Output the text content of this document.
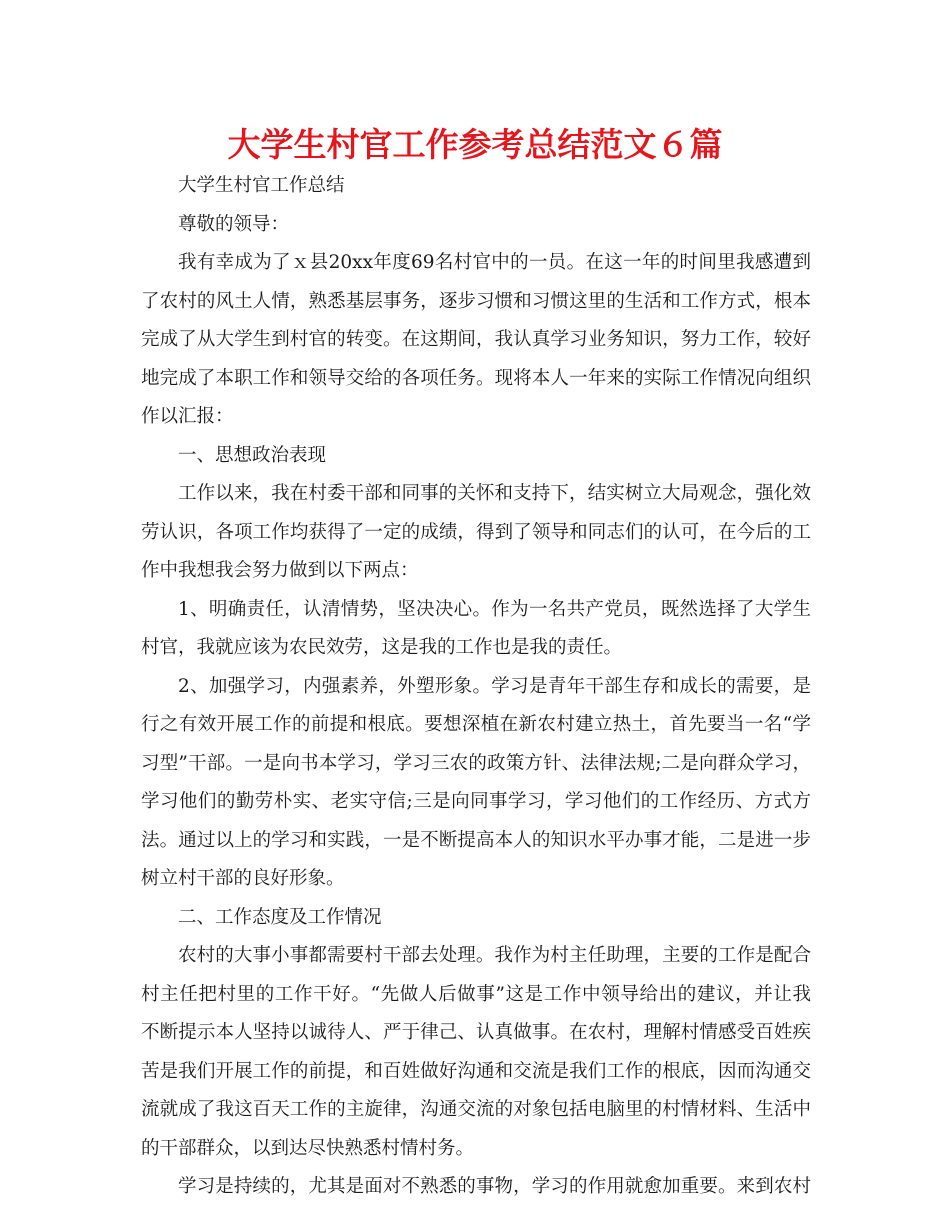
大学生村官工作参考总结范文６篇
大学生村官工作总结
尊敬的领导：
我有幸成为了ｘ县20xx年度69名村官中的一员。在这一年的时间里我感遭到
了农村的风土人情，熟悉基层事务，逐步习惯和习惯这里的生活和工作方式，根本
完成了从大学生到村官的转变。在这期间，我认真学习业务知识，努力工作，较好
地完成了本职工作和领导交给的各项任务。现将本人一年来的实际工作情况向组织
作以汇报：
一、思想政治表现
工作以来，我在村委干部和同事的关怀和支持下，结实树立大局观念，强化效
劳认识，各项工作均获得了一定的成绩，得到了领导和同志们的认可，在今后的工
作中我想我会努力做到以下两点：
1、明确责任，认清情势，坚决决心。作为一名共产党员，既然选择了大学生
村官，我就应该为农民效劳，这是我的工作也是我的责任。
2、加强学习，内强素养，外塑形象。学习是青年干部生存和成长的需要，是
行之有效开展工作的前提和根底。要想深植在新农村建立热土，首先要当一名“学
习型”干部。一是向书本学习，学习三农的政策方针、法律法规;二是向群众学习，
学习他们的勤劳朴实、老实守信;三是向同事学习，学习他们的工作经历、方式方
法。通过以上的学习和实践，一是不断提高本人的知识水平办事才能，二是进一步
树立村干部的良好形象。
二、工作态度及工作情况
农村的大事小事都需要村干部去处理。我作为村主任助理，主要的工作是配合
村主任把村里的工作干好。“先做人后做事”这是工作中领导给出的建议，并让我
不断提示本人坚持以诚待人、严于律己、认真做事。在农村，理解村情感受百姓疾
苦是我们开展工作的前提，和百姓做好沟通和交流是我们工作的根底，因而沟通交
流就成了我这百天工作的主旋律，沟通交流的对象包括电脑里的村情材料、生活中
的干部群众，以到达尽快熟悉村情村务。
学习是持续的，尤其是面对不熟悉的事物，学习的作用就愈加重要。来到农村
